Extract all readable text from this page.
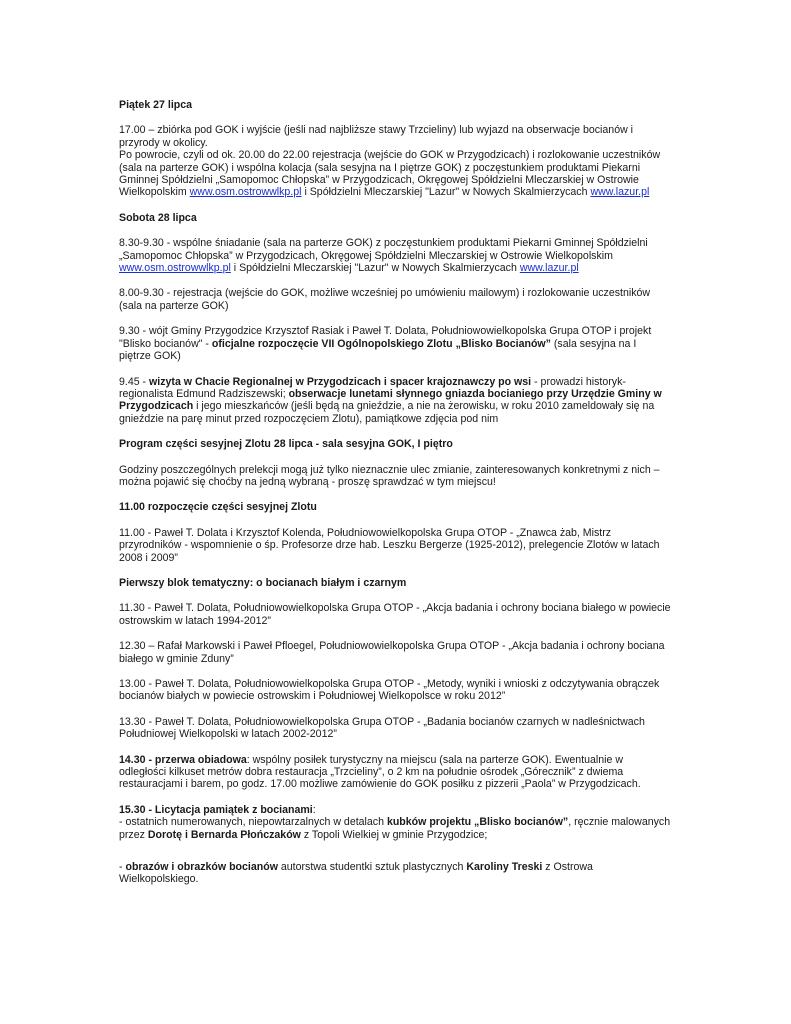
Piątek 27 lipca
17.00 – zbiórka pod GOK i wyjście (jeśli nad najbliższe stawy Trzcieliny) lub wyjazd na obserwacje bocianów i przyrody w okolicy.
Po powrocie, czyli od ok. 20.00 do 22.00 rejestracja (wejście do GOK w Przygodzicach) i rozlokowanie uczestników (sala na parterze GOK) i wspólna kolacja (sala sesyjna na I piętrze GOK) z poczęstunkiem produktami Piekarni Gminnej Spółdzielni „Samopomoc Chłopska” w Przygodzicach, Okręgowej Spółdzielni Mleczarskiej w Ostrowie Wielkopolskim www.osm.ostrowwlkp.pl i Spółdzielni Mleczarskiej "Lazur" w Nowych Skalmierzycach www.lazur.pl
Sobota 28 lipca
8.30-9.30 - wspólne śniadanie (sala na parterze GOK) z poczęstunkiem produktami Piekarni Gminnej Spółdzielni „Samopomoc Chłopska” w Przygodzicach, Okręgowej Spółdzielni Mleczarskiej w Ostrowie Wielkopolskim www.osm.ostrowwlkp.pl i Spółdzielni Mleczarskiej "Lazur" w Nowych Skalmierzycach www.lazur.pl
8.00-9.30 - rejestracja (wejście do GOK, możliwe wcześniej po umówieniu mailowym) i rozlokowanie uczestników (sala na parterze GOK)
9.30 - wójt Gminy Przygodzice Krzysztof Rasiak i Paweł T. Dolata, Południowowielkopolska Grupa OTOP i projekt "Blisko bocianów" - oficjalne rozpoczęcie VII Ogólnopolskiego Zlotu „Blisko Bocianów” (sala sesyjna na I piętrze GOK)
9.45 - wizyta w Chacie Regionalnej w Przygodzicach i spacer krajoznawczy po wsi - prowadzi historyk-regionalista Edmund Radziszewski; obserwacje lunetami słynnego gniazda bocianiego przy Urzędzie Gminy w Przygodzicach i jego mieszkańców (jeśli będą na gnieździe, a nie na żerowisku, w roku 2010 zameldowały się na gnieździe na parę minut przed rozpoczęciem Zlotu), pamiątkowe zdjęcia pod nim
Program części sesyjnej Zlotu 28 lipca - sala sesyjna GOK, I piętro
Godziny poszczególnych prelekcji mogą już tylko nieznacznie ulec zmianie, zainteresowanych konkretnymi z nich – można pojawić się choćby na jedną wybraną - proszę sprawdzać w tym miejscu!
11.00 rozpoczęcie części sesyjnej Zlotu
11.00 - Paweł T. Dolata i Krzysztof Kolenda, Południowowielkopolska Grupa OTOP - „Znawca żab, Mistrz przyrodników - wspomnienie o śp. Profesorze drze hab. Leszku Bergerze (1925-2012), prelegencie Zlotów w latach 2008 i 2009”
Pierwszy blok tematyczny: o bocianach białym i czarnym
11.30 - Paweł T. Dolata, Południowowielkopolska Grupa OTOP - „Akcja badania i ochrony bociana białego w powiecie ostrowskim w latach 1994-2012”
12.30 – Rafał Markowski i Paweł Pfloegel, Południowowielkopolska Grupa OTOP - „Akcja badania i ochrony bociana białego w gminie Zduny”
13.00 - Paweł T. Dolata, Południowowielkopolska Grupa OTOP - „Metody, wyniki i wnioski z odczytywania obrączek bocianów białych w powiecie ostrowskim i Południowej Wielkopolsce w roku 2012”
13.30 - Paweł T. Dolata, Południowowielkopolska Grupa OTOP - „Badania bocianów czarnych w nadleśnictwach Południowej Wielkopolski w latach 2002-2012”
14.30 - przerwa obiadowa: wspólny posiłek turystyczny na miejscu (sala na parterze GOK). Ewentualnie w odległości kilkuset metrów dobra restauracja „Trzcieliny”, o 2 km na południe ośrodek „Górecznik” z dwiema restauracjami i barem, po godz. 17.00 możliwe zamówienie do GOK posiłku z pizzerii „Paola” w Przygodzicach.
15.30 - Licytacja pamiątek z bocianami:
- ostatnich numerowanych, niepowtarzalnych w detalach kubków projektu „Blisko bocianów”, ręcznie malowanych przez Dorotę i Bernarda Płończaków z Topoli Wielkiej w gminie Przygodzice;
- obrazów i obrazków bocianów autorstwa studentki sztuk plastycznych Karoliny Treski z Ostrowa Wielkopolskiego.
